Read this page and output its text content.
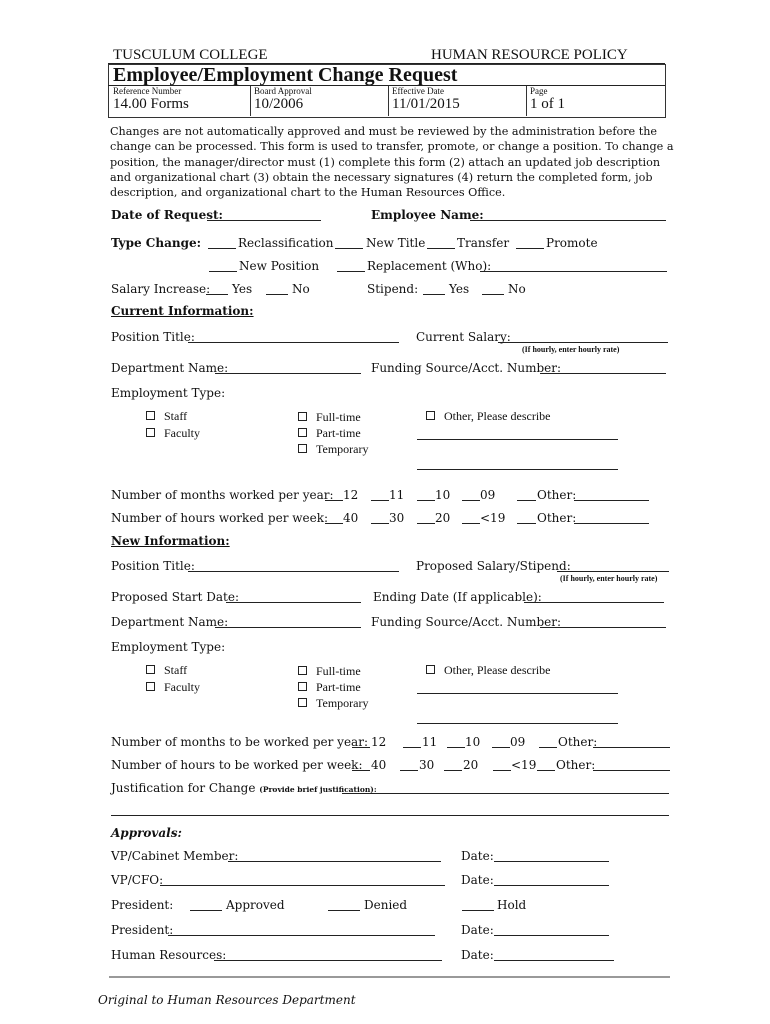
TUSCULUM COLLEGE	HUMAN RESOURCE POLICY
Employee/Employment Change Request
Reference Number
14.00 Forms
Board Approval
10/2006
Effective Date
11/01/2015
Page
1 of 1
Changes are not automatically approved and must be reviewed by the administration before the
change can be processed. This form is used to transfer, promote, or change a position. To change a
position, the manager/director must (1) complete this form (2) attach an updated job description
and organizational chart (3) obtain the necessary signatures (4) return the completed form, job
description, and organizational chart to the Human Resources Office.
Date of Request:	Employee Name:
Type Change:	Reclassification	New Title	Transfer	Promote
New Position	Replacement (Who):
Salary Increase: Yes	No	Stipend:	Yes	No
Current Information:
Position Title:	Current Salary:
(If hourly, enter hourly rate)
Department Name:	Funding Source/Acct. Number:
Employment Type:
Staff
Faculty
Full-time
Part-time
Temporary
Other, Please describe
Number of months worked per year: 12	11	10 09	Other:
Number of hours worked per week: 40	30	20 <19	Other:
New Information:
Position Title:	Proposed Salary/Stipend:
(If hourly, enter hourly rate)
Proposed Start Date:	Ending Date (If applicable):
Department Name:	Funding Source/Acct. Number:
Employment Type:
Staff
Faculty
Full-time
Part-time
Temporary
Other, Please describe
Number of months to be worked per year: 12	11 10 09	Other:
Number of hours to be worked per week: 40	30 20	<19 Other:
Justification for Change (Provide brief justification):
Approvals:
VP/Cabinet Member:	Date:
VP/CFO:	Date:
President:	Approved	Denied	Hold
President:	Date:
Human Resources:	Date:
Original to Human Resources Department
